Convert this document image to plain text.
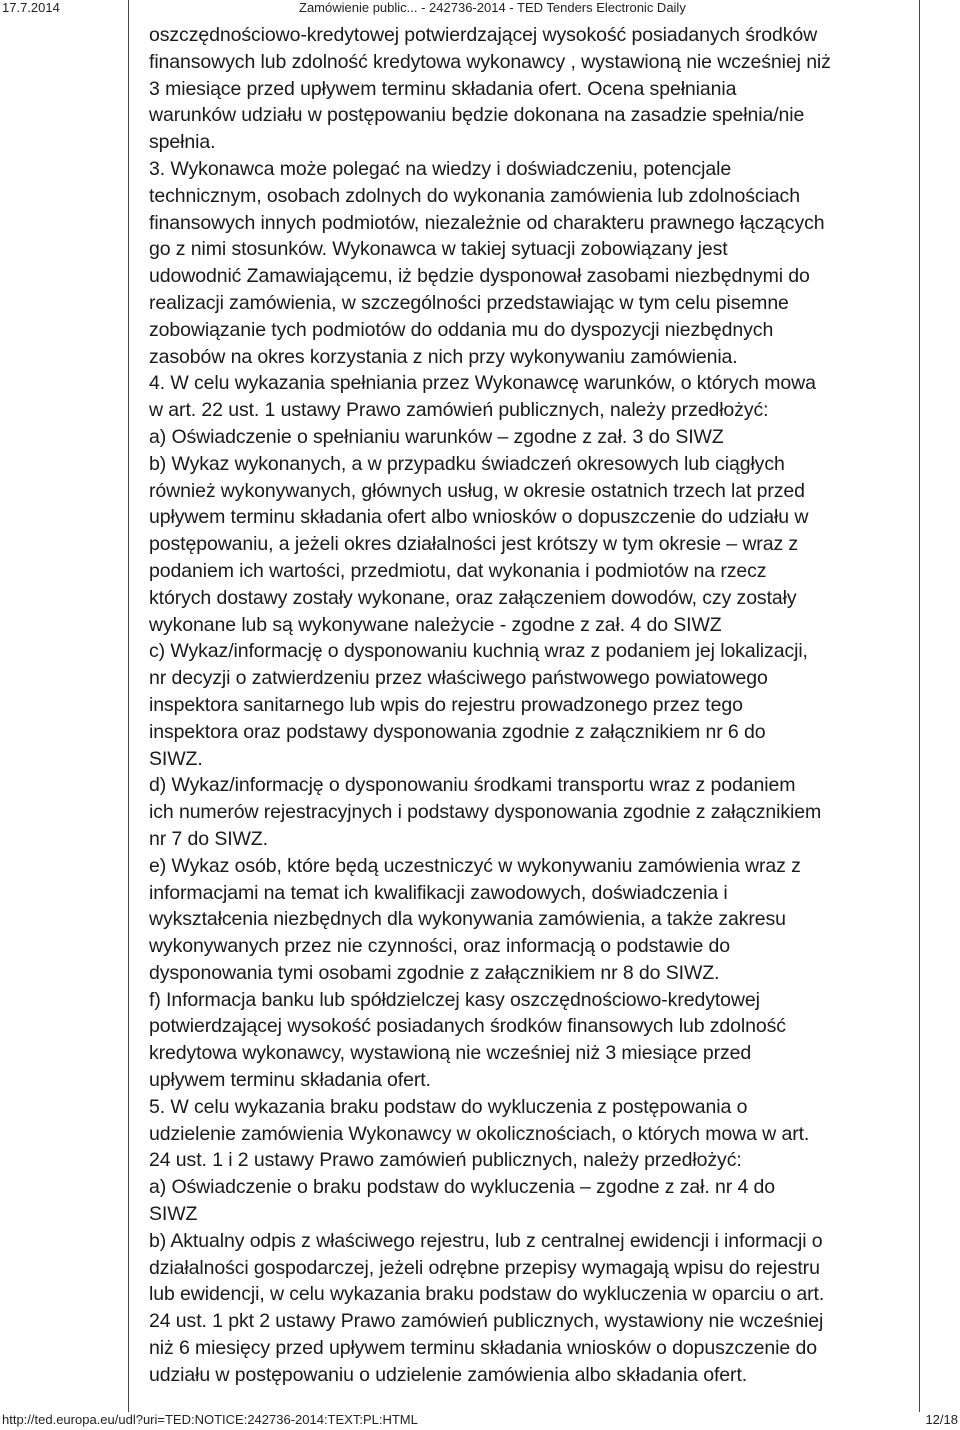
17.7.2014	Zamówienie public... - 242736-2014 - TED Tenders Electronic Daily
oszczędnościowo-kredytowej potwierdzającej wysokość posiadanych środków
finansowych lub zdolność kredytowa wykonawcy , wystawioną nie wcześniej niż
3 miesiące przed upływem terminu składania ofert. Ocena spełniania
warunków udziału w postępowaniu będzie dokonana na zasadzie spełnia/nie
spełnia.
3. Wykonawca może polegać na wiedzy i doświadczeniu, potencjale
technicznym, osobach zdolnych do wykonania zamówienia lub zdolnościach
finansowych innych podmiotów, niezależnie od charakteru prawnego łączących
go z nimi stosunków. Wykonawca w takiej sytuacji zobowiązany jest
udowodnić Zamawiającemu, iż będzie dysponował zasobami niezbędnymi do
realizacji zamówienia, w szczególności przedstawiając w tym celu pisemne
zobowiązanie tych podmiotów do oddania mu do dyspozycji niezbędnych
zasobów na okres korzystania z nich przy wykonywaniu zamówienia.
4. W celu wykazania spełniania przez Wykonawcę warunków, o których mowa
w art. 22 ust. 1 ustawy Prawo zamówień publicznych, należy przedłożyć:
a) Oświadczenie o spełnianiu warunków – zgodne z zał. 3 do SIWZ
b) Wykaz wykonanych, a w przypadku świadczeń okresowych lub ciągłych
również wykonywanych, głównych usług, w okresie ostatnich trzech lat przed
upływem terminu składania ofert albo wniosków o dopuszczenie do udziału w
postępowaniu, a jeżeli okres działalności jest krótszy w tym okresie – wraz z
podaniem ich wartości, przedmiotu, dat wykonania i podmiotów na rzecz
których dostawy zostały wykonane, oraz załączeniem dowodów, czy zostały
wykonane lub są wykonywane należycie - zgodne z zał. 4 do SIWZ
c) Wykaz/informację o dysponowaniu kuchnią wraz z podaniem jej lokalizacji,
nr decyzji o zatwierdzeniu przez właściwego państwowego powiatowego
inspektora sanitarnego lub wpis do rejestru prowadzonego przez tego
inspektora oraz podstawy dysponowania zgodnie z załącznikiem nr 6 do
SIWZ.
d) Wykaz/informację o dysponowaniu środkami transportu wraz z podaniem
ich numerów rejestracyjnych i podstawy dysponowania zgodnie z załącznikiem
nr 7 do SIWZ.
e) Wykaz osób, które będą uczestniczyć w wykonywaniu zamówienia wraz z
informacjami na temat ich kwalifikacji zawodowych, doświadczenia i
wykształcenia niezbędnych dla wykonywania zamówienia, a także zakresu
wykonywanych przez nie czynności, oraz informacją o podstawie do
dysponowania tymi osobami zgodnie z załącznikiem nr 8 do SIWZ.
f) Informacja banku lub spółdzielczej kasy oszczędnościowo-kredytowej
potwierdzającej wysokość posiadanych środków finansowych lub zdolność
kredytowa wykonawcy, wystawioną nie wcześniej niż 3 miesiące przed
upływem terminu składania ofert.
5. W celu wykazania braku podstaw do wykluczenia z postępowania o
udzielenie zamówienia Wykonawcy w okolicznościach, o których mowa w art.
24 ust. 1 i 2 ustawy Prawo zamówień publicznych, należy przedłożyć:
a) Oświadczenie o braku podstaw do wykluczenia – zgodne z zał. nr 4 do
SIWZ
b) Aktualny odpis z właściwego rejestru, lub z centralnej ewidencji i informacji o
działalności gospodarczej, jeżeli odrębne przepisy wymagają wpisu do rejestru
lub ewidencji, w celu wykazania braku podstaw do wykluczenia w oparciu o art.
24 ust. 1 pkt 2 ustawy Prawo zamówień publicznych, wystawiony nie wcześniej
niż 6 miesięcy przed upływem terminu składania wniosków o dopuszczenie do
udziału w postępowaniu o udzielenie zamówienia albo składania ofert.
http://ted.europa.eu/udl?uri=TED:NOTICE:242736-2014:TEXT:PL:HTML	12/18
